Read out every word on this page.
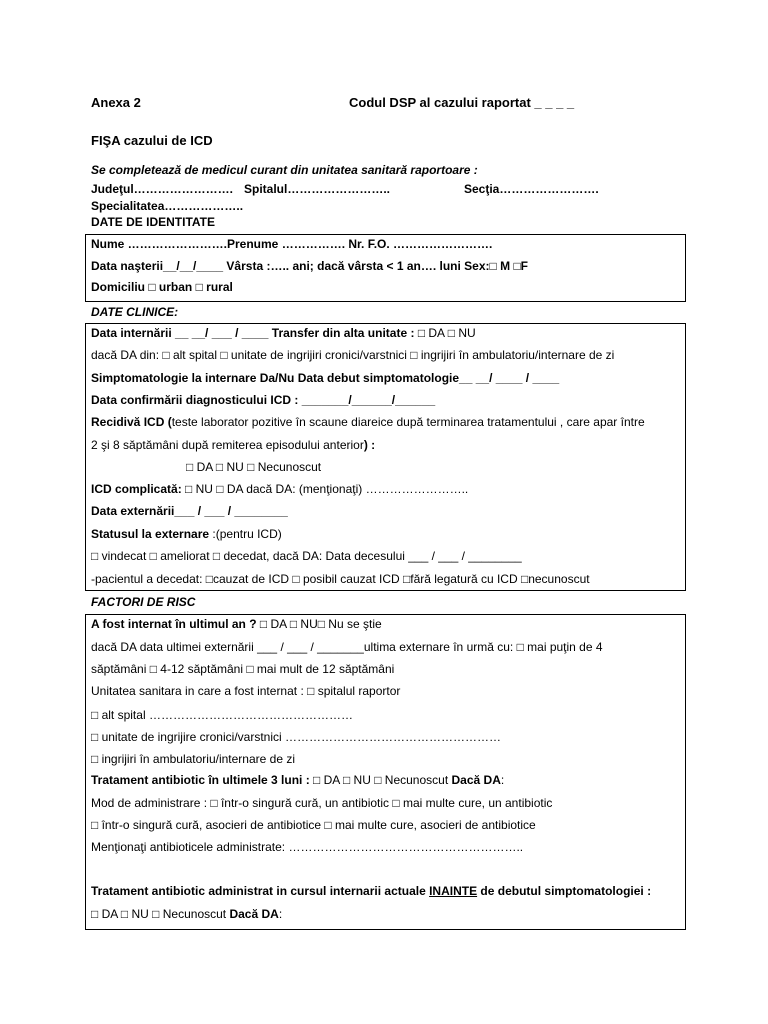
Anexa 2	Codul DSP al cazului raportat _ _ _ _
FIŞA cazului de ICD
Se completează de medicul curant din unitatea sanitară raportoare :
Judeţul……………………. Spitalul……………………..	Secţia…………………….
Specialitatea………………..
DATE DE IDENTITATE
Nume …………………….Prenume ……………. Nr. F.O. …………………….
Data naşterii__/__/____ Vârsta :….. ani; dacă vârsta < 1 an…. luni Sex:□ M □F
Domiciliu □ urban □ rural
DATE CLINICE:
Data internării __ __/ ___ / ____ Transfer din alta unitate : □ DA □ NU
dacă DA din: □ alt spital □ unitate de ingrijiri cronici/varstnici □ ingrijiri în ambulatoriu/internare de zi
Simptomatologie la internare Da/Nu Data debut simptomatologie__ __/ ____ / ____
Data confirmării diagnosticului ICD : _______/______/______
Recidivă ICD (teste laborator pozitive în scaune diareice după terminarea tratamentului , care apar între
2 şi 8 săptămâni după remiterea episodului anterior) :
□ DA □ NU □ Necunoscut
ICD complicată: □ NU □ DA dacă DA: (menţionaţi) ……………………..
Data externării___ / ___ / ________
Statusul la externare :(pentru ICD)
□ vindecat □ ameliorat □ decedat, dacă DA: Data decesului ___ / ___ / ________
-pacientul a decedat: □cauzat de ICD □ posibil cauzat ICD □fără legatură cu ICD □necunoscut
FACTORI DE RISC
A fost internat în ultimul an ? □ DA □ NU□ Nu se ştie
dacă DA data ultimei externării ___ / ___ / _______ultima externare în urmă cu: □ mai puţin de 4
săptămâni □ 4-12 săptămâni □ mai mult de 12 săptămâni
Unitatea sanitara in care a fost internat : □ spitalul raportor
□ alt spital ……………………………………………
□ unitate de ingrijire cronici/varstnici ………………………………………………
□ ingrijiri în ambulatoriu/internare de zi
Tratament antibiotic în ultimele 3 luni : □ DA □ NU □ Necunoscut Dacă DA:
Mod de administrare : □ într-o singură cură, un antibiotic □ mai multe cure, un antibiotic
□ într-o singură cură, asocieri de antibiotice □ mai multe cure, asocieri de antibiotice
Menţionaţi antibioticele administrate: …………………………………………………..
Tratament antibiotic administrat in cursul internarii actuale INAINTE de debutul simptomatologiei :
□ DA □ NU □ Necunoscut Dacă DA:
